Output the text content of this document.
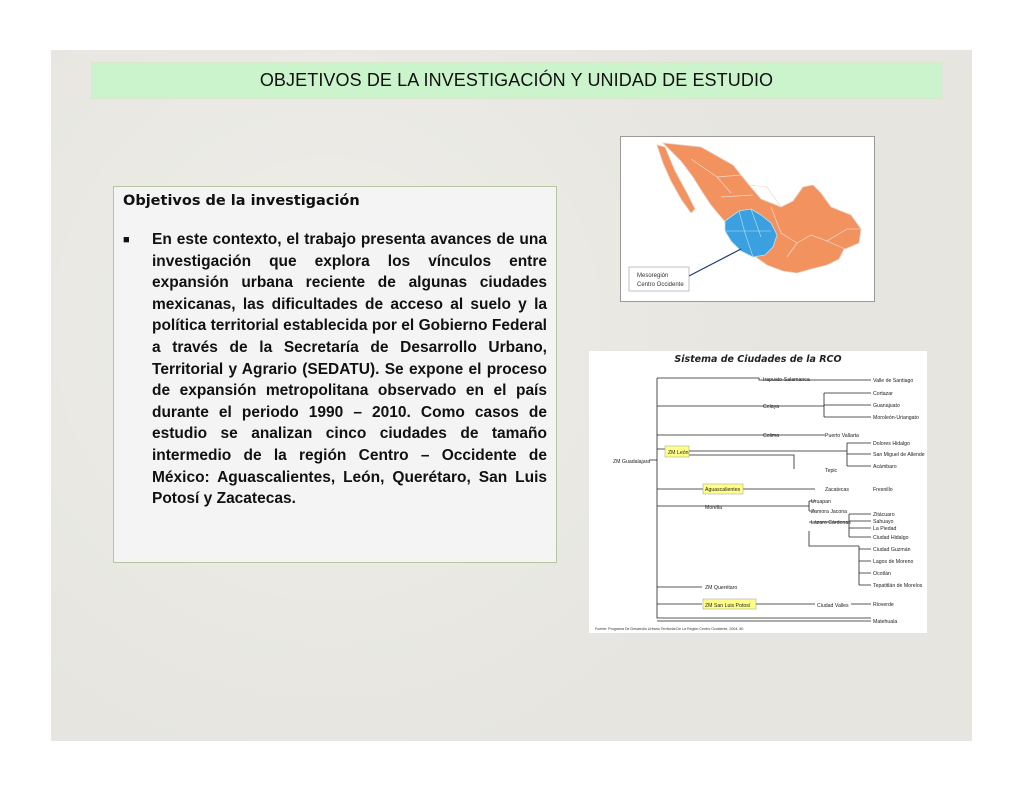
OBJETIVOS DE LA INVESTIGACIÓN Y UNIDAD DE ESTUDIO

Objetivos de la investigación

■	En este contexto, el trabajo presenta avances de una investigación que explora los vínculos entre expansión urbana reciente de algunas ciudades mexicanas, las dificultades de acceso al suelo y la política territorial establecida por el Gobierno Federal a través de la Secretaría de Desarrollo Urbano, Territorial y Agrario (SEDATU). Se expone el proceso de expansión metropolitana observado en el país durante el periodo 1990 – 2010. Como casos de estudio se analizan cinco ciudades de tamaño intermedio de la región Centro – Occidente de México: Aguascalientes, León, Querétaro, San Luis Potosí y Zacatecas.

Mesoregión
Centro Occidente
Sistema de Ciudades de la RCO
ZM Guadalajara
Irapuato-Salamanca
Celaya
Colima
ZM León
Aguascalientes
Morelia
ZM Querétaro
ZM San Luis Potosí
Puerto Vallarta
Tepic
Zacatecas
Uruapan
Zamora Jacona
Lázaro Cárdenas
Ciudad Valles
Valle de Santiago
Cortazar
Guanajuato
Moroleón-Uriangato
Dolores Hidalgo
San Miguel de Allende
Acámbaro
Fresnillo
Zitácuaro
Sahuayo
La Piedad
Ciudad Hidalgo
Ciudad Guzmán
Lagos de Moreno
Ocotlán
Tepatitlán de Morelos
Rioverde
Matehuala
Fuente: Programa De Desarrollo Urbano Territorial De La Región Centro Occidente, 2004. 80
